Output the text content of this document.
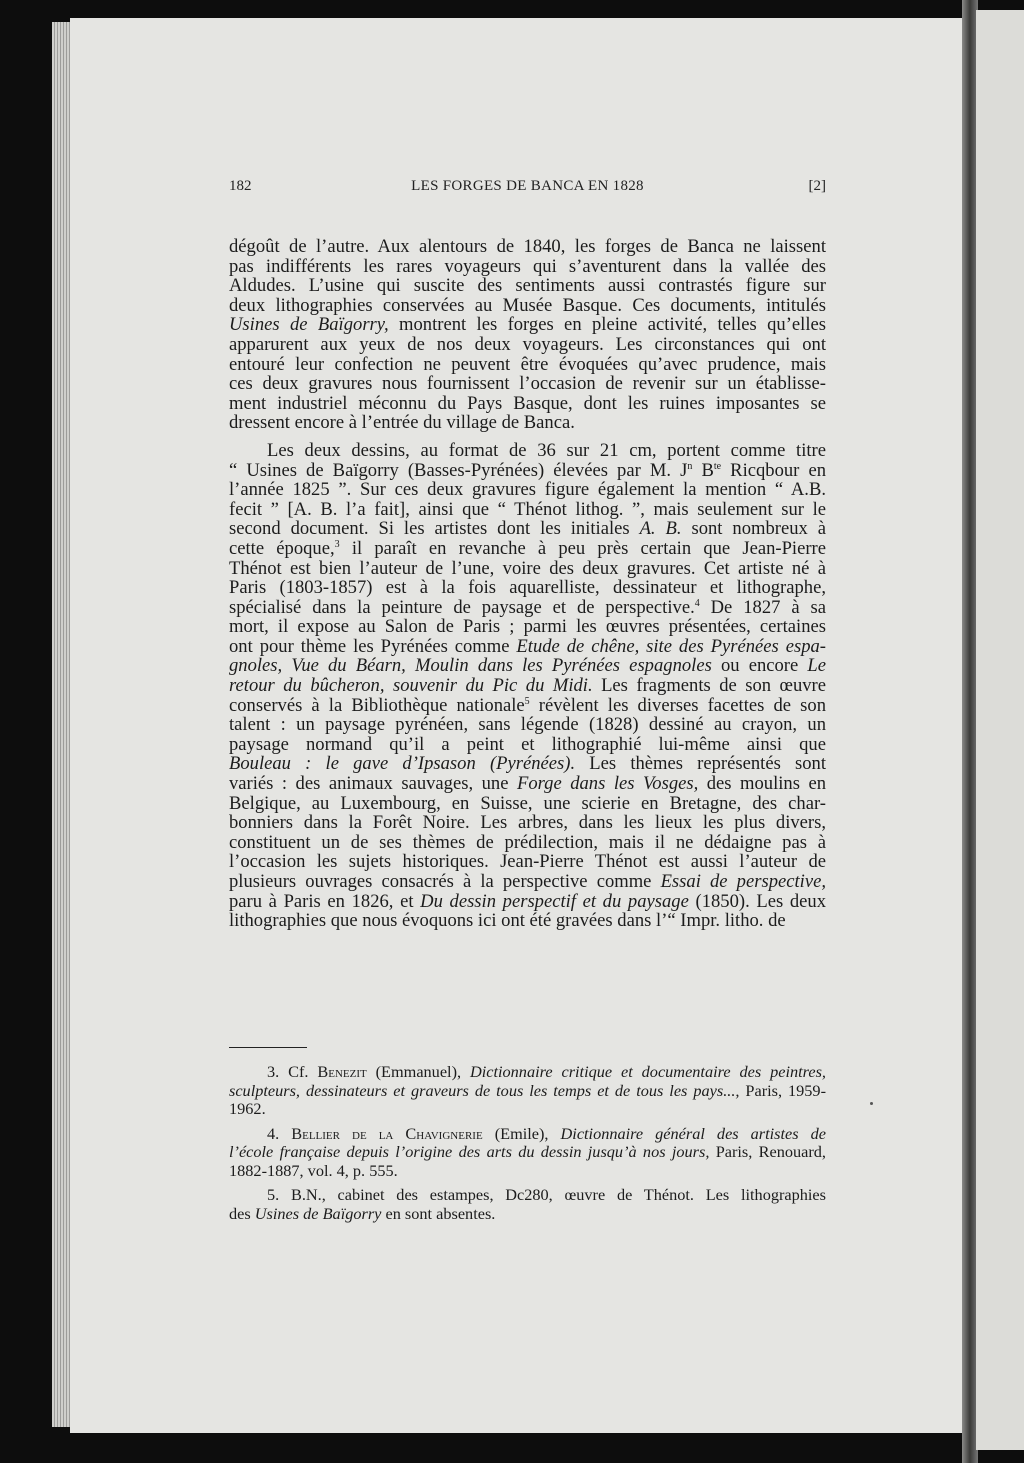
182	LES FORGES DE BANCA EN 1828	[2]
dégoût de l’autre. Aux alentours de 1840, les forges de Banca ne laissent
pas indifférents les rares voyageurs qui s’aventurent dans la vallée des
Aldudes. L’usine qui suscite des sentiments aussi contrastés figure sur
deux lithographies conservées au Musée Basque. Ces documents, intitulés
Usines de Baïgorry, montrent les forges en pleine activité, telles qu’elles
apparurent aux yeux de nos deux voyageurs. Les circonstances qui ont
entouré leur confection ne peuvent être évoquées qu’avec prudence, mais
ces deux gravures nous fournissent l’occasion de revenir sur un établisse-
ment industriel méconnu du Pays Basque, dont les ruines imposantes se
dressent encore à l’entrée du village de Banca.
Les deux dessins, au format de 36 sur 21 cm, portent comme titre
“ Usines de Baïgorry (Basses-Pyrénées) élevées par M. $J^n$ $B^{te}$ Ricqbour en
l’année 1825 ”. Sur ces deux gravures figure également la mention “ A.B.
fecit ” [A. B. l’a fait], ainsi que “ Thénot lithog. ”, mais seulement sur le
second document. Si les artistes dont les initiales A. B. sont nombreux à
cette époque,$^3$ il paraît en revanche à peu près certain que Jean-Pierre
Thénot est bien l’auteur de l’une, voire des deux gravures. Cet artiste né à
Paris (1803-1857) est à la fois aquarelliste, dessinateur et lithographe,
spécialisé dans la peinture de paysage et de perspective.$^4$ De 1827 à sa
mort, il expose au Salon de Paris ; parmi les œuvres présentées, certaines
ont pour thème les Pyrénées comme Etude de chêne, site des Pyrénées espa-
gnoles, Vue du Béarn, Moulin dans les Pyrénées espagnoles ou encore Le
retour du bûcheron, souvenir du Pic du Midi. Les fragments de son œuvre
conservés à la Bibliothèque nationale$^5$ révèlent les diverses facettes de son
talent : un paysage pyrénéen, sans légende (1828) dessiné au crayon, un
paysage normand qu’il a peint et lithographié lui-même ainsi que
Bouleau : le gave d’Ipsason (Pyrénées). Les thèmes représentés sont
variés : des animaux sauvages, une Forge dans les Vosges, des moulins en
Belgique, au Luxembourg, en Suisse, une scierie en Bretagne, des char-
bonniers dans la Forêt Noire. Les arbres, dans les lieux les plus divers,
constituent un de ses thèmes de prédilection, mais il ne dédaigne pas à
l’occasion les sujets historiques. Jean-Pierre Thénot est aussi l’auteur de
plusieurs ouvrages consacrés à la perspective comme Essai de perspective,
paru à Paris en 1826, et Du dessin perspectif et du paysage (1850). Les deux
lithographies que nous évoquons ici ont été gravées dans l’“ Impr. litho. de
3. Cf. Benezit (Emmanuel), Dictionnaire critique et documentaire des peintres,
sculpteurs, dessinateurs et graveurs de tous les temps et de tous les pays..., Paris, 1959-
1962.
4. Bellier de la Chavignerie (Emile), Dictionnaire général des artistes de
l’école française depuis l’origine des arts du dessin jusqu’à nos jours, Paris, Renouard,
1882-1887, vol. 4, p. 555.
5. B.N., cabinet des estampes, Dc280, œuvre de Thénot. Les lithographies
des Usines de Baïgorry en sont absentes.
